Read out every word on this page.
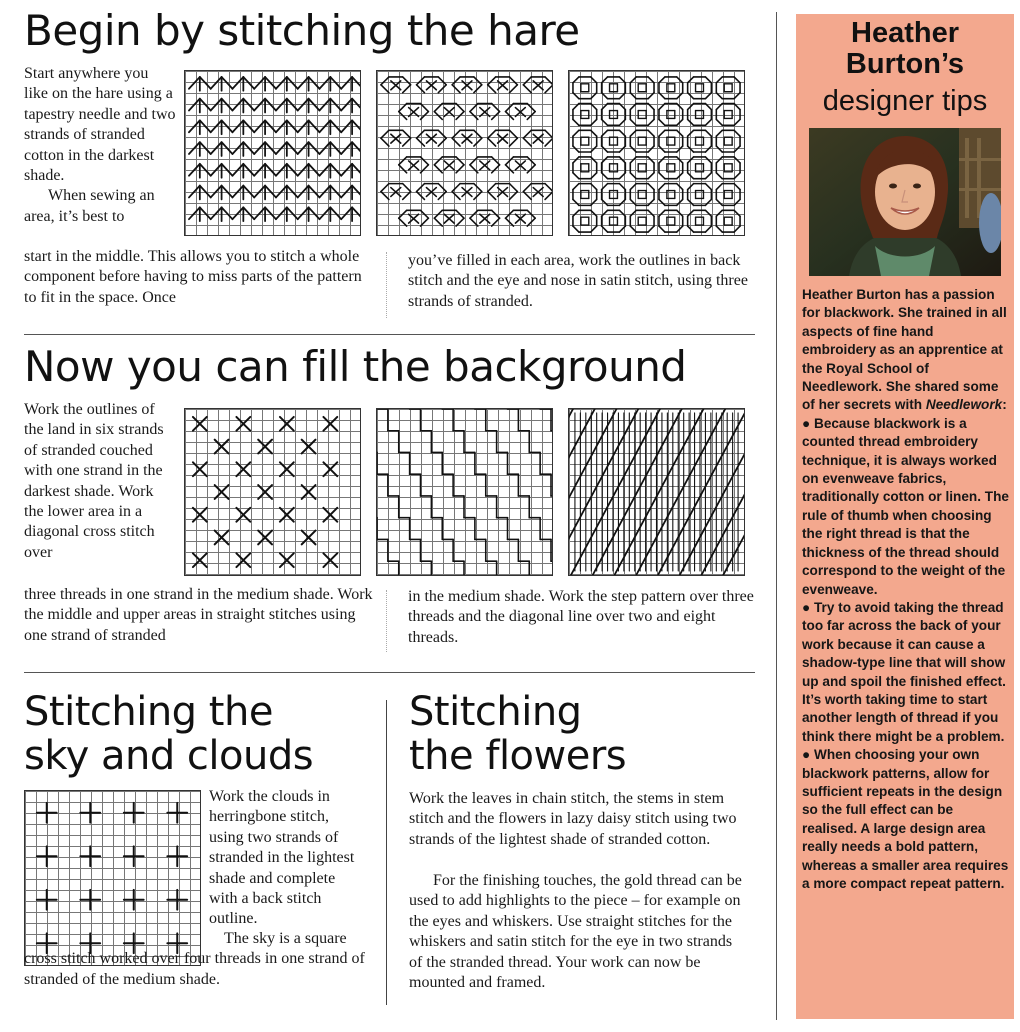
Begin by stitching the hare

Start anywhere you like on the hare using a tapestry needle and two strands of stranded cotton in the darkest shade.
When sewing an area, it’s best to

start in the middle. This allows you to stitch a whole component before having to miss parts of the pattern to fit in the space. Once

you’ve filled in each area, work the outlines in back stitch and the eye and nose in satin stitch, using three strands of stranded.

Now you can fill the background

Work the outlines of the land in six strands of stranded couched with one strand in the darkest shade. Work the lower area in a diagonal cross stitch over

three threads in one strand in the medium shade. Work the middle and upper areas in straight stitches using one strand of stranded

in the medium shade. Work the step pattern over three threads and the diagonal line over two and eight threads.

Stitching the
sky and clouds

Work the clouds in herringbone stitch, using two strands of stranded in the lightest shade and complete with a back stitch outline.

The sky is a square cross stitch worked over four threads in one strand of stranded of the medium shade.

Stitching
the flowers

Work the leaves in chain stitch, the stems in stem stitch and the flowers in lazy daisy stitch using two strands of the lightest shade of stranded cotton.

For the finishing touches, the gold thread can be used to add highlights to the piece – for example on the eyes and whiskers. Use straight stitches for the whiskers and satin stitch for the eye in two strands of the stranded thread. Your work can now be mounted and framed.

Heather
Burton’s
designer tips
Heather Burton has a passion for blackwork. She trained in all aspects of fine hand embroidery as an apprentice at the Royal School of Needlework. She shared some of her secrets with Needlework:
● Because blackwork is a counted thread embroidery technique, it is always worked on evenweave fabrics, traditionally cotton or linen. The rule of thumb when choosing the right thread is that the thickness of the thread should correspond to the weight of the evenweave.
● Try to avoid taking the thread too far across the back of your work because it can cause a shadow-type line that will show up and spoil the finished effect. It’s worth taking time to start another length of thread if you think there might be a problem.
● When choosing your own blackwork patterns, allow for sufficient repeats in the design so the full effect can be realised. A large design area really needs a bold pattern, whereas a smaller area requires a more compact repeat pattern.
